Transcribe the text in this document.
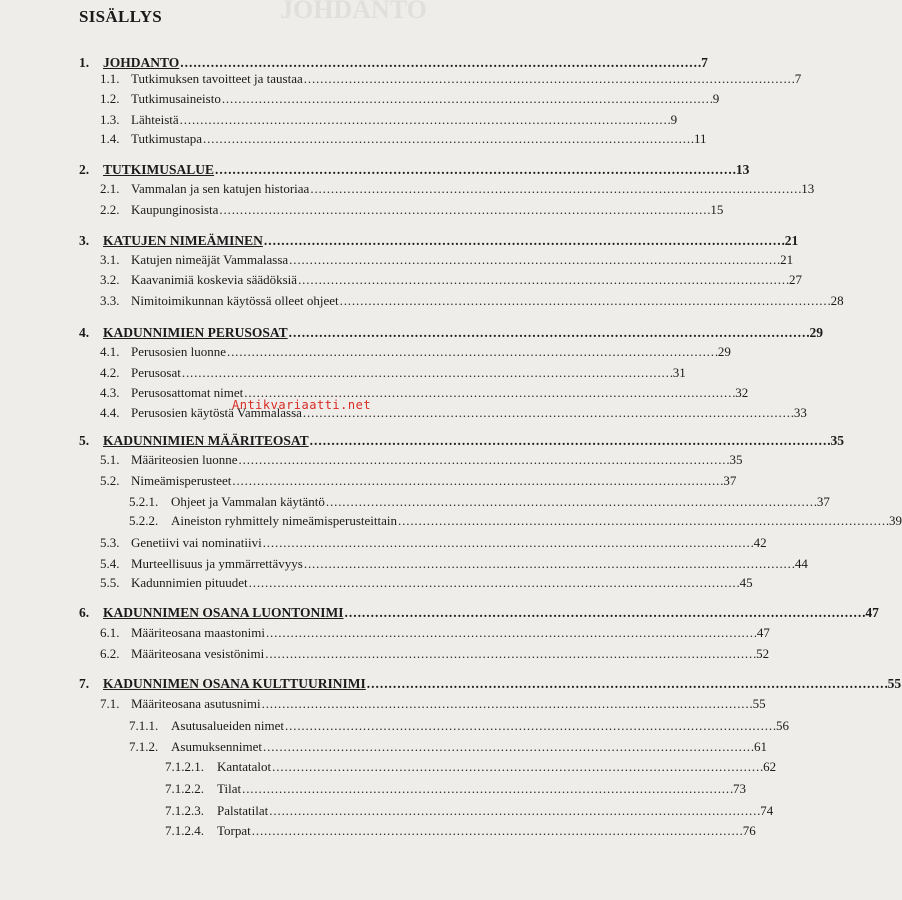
JOHDANTO
SISÄLLYS
1.	JOHDANTO . . .	7
1.1. Tutkimuksen tavoitteet ja taustaa . . .	7
1.2. Tutkimusaineisto . . .	9
1.3. Lähteistä . . .	9
1.4. Tutkimustapa . . .	11
2.	TUTKIMUSALUE . . .	13
2.1. Vammalan ja sen katujen historiaa . . .	13
2.2. Kaupunginosista . . .	15
3.	KATUJEN NIMEÄMINEN . . .	21
3.1. Katujen nimeäjät Vammalassa . . .	21
3.2. Kaavanimiä koskevia säädöksiä . . .	27
3.3. Nimitoimikunnan käytössä olleet ohjeet . . .	28
4.	KADUNNIMIEN PERUSOSAT . . .	29
4.1. Perusosien luonne . . .	29
4.2. Perusosat . . .	31
4.3. Perusosattomat nimet . . .	32
4.4. Perusosien käytöstä Vammalassa . . .	33
5.	KADUNNIMIEN MÄÄRITEOSAT . . .	35
5.1. Määriteosien luonne . . .	35
5.2. Nimeämisperusteet . . .	37
5.2.1. Ohjeet ja Vammalan käytäntö . . .	37
5.2.2. Aineiston ryhmittely nimeämisperusteittain . . .	39
5.3. Genetiivi vai nominatiivi . . .	42
5.4. Murteellisuus ja ymmärrettävyys . . .	44
5.5. Kadunnimien pituudet . . .	45
6.	KADUNNIMEN OSANA LUONTONIMI . . .	47
6.1. Määriteosana maastonimi . . .	47
6.2. Määriteosana vesistönimi . . .	52
7.	KADUNNIMEN OSANA KULTTUURINIMI . . .	55
7.1. Määriteosana asutusnimi . . .	55
7.1.1. Asutusalueiden nimet . . .	56
7.1.2. Asumuksennimet . . .	61
7.1.2.1.	Kantatalot . . .	62
7.1.2.2.	Tilat . . .	73
7.1.2.3.	Palstatilat . . .	74
7.1.2.4.	Torpat . . .	76
Antikvariaatti.net
